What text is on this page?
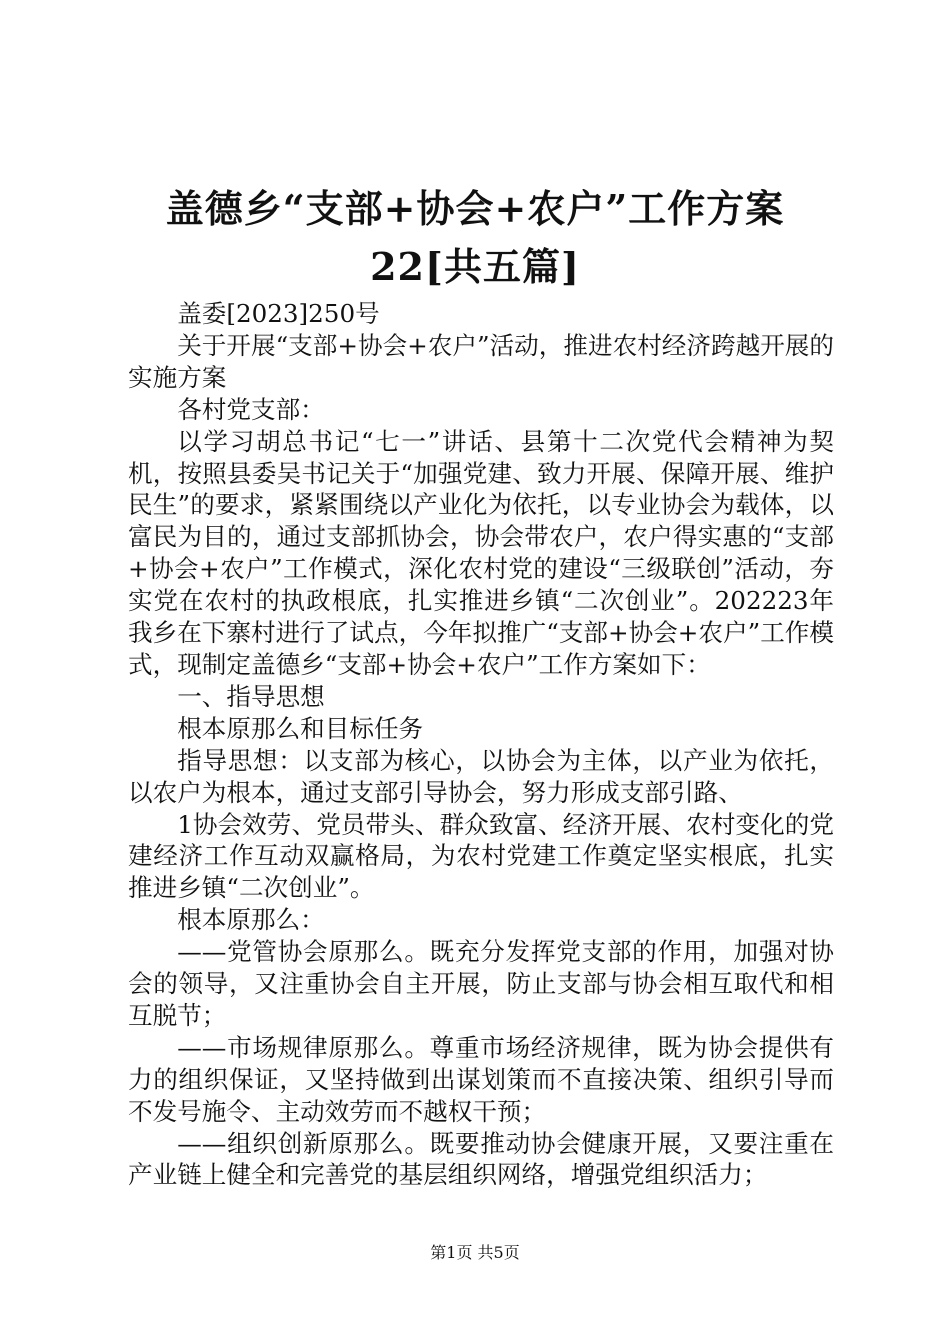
盖德乡“支部+协会+农户”工作方案22[共五篇]

盖委[2023]250号

关于开展“支部+协会+农户”活动，推进农村经济跨越开展的实施方案

各村党支部：

以学习胡总书记“七一”讲话、县第十二次党代会精神为契机，按照县委吴书记关于“加强党建、致力开展、保障开展、维护民生”的要求，紧紧围绕以产业化为依托，以专业协会为载体，以富民为目的，通过支部抓协会，协会带农户，农户得实惠的“支部+协会+农户”工作模式，深化农村党的建设“三级联创”活动，夯实党在农村的执政根底，扎实推进乡镇“二次创业”。202223年我乡在下寨村进行了试点，今年拟推广“支部+协会+农户”工作模式，现制定盖德乡“支部+协会+农户”工作方案如下：

一、指导思想

根本原那么和目标任务

指导思想：以支部为核心，以协会为主体，以产业为依托，以农户为根本，通过支部引导协会，努力形成支部引路、

1协会效劳、党员带头、群众致富、经济开展、农村变化的党建经济工作互动双赢格局，为农村党建工作奠定坚实根底，扎实推进乡镇“二次创业”。

根本原那么：

——党管协会原那么。既充分发挥党支部的作用，加强对协会的领导，又注重协会自主开展，防止支部与协会相互取代和相互脱节；

——市场规律原那么。尊重市场经济规律，既为协会提供有力的组织保证，又坚持做到出谋划策而不直接决策、组织引导而不发号施令、主动效劳而不越权干预；

——组织创新原那么。既要推动协会健康开展，又要注重在产业链上健全和完善党的基层组织网络，增强党组织活力；

第1页 共5页
